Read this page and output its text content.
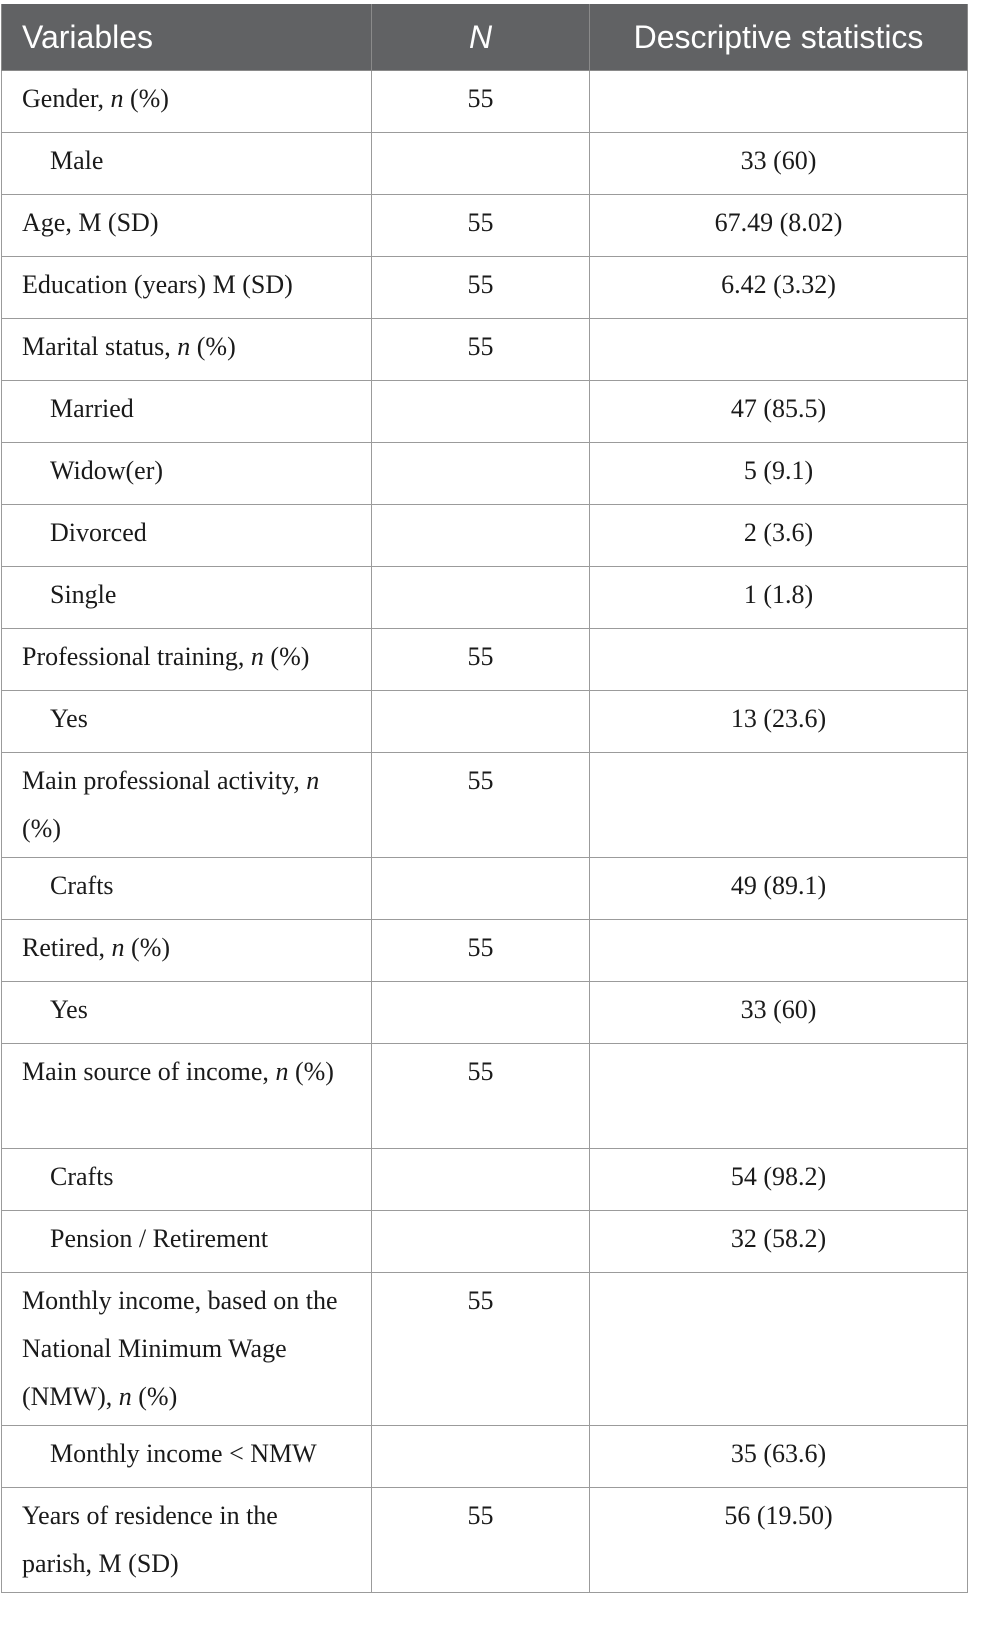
Variables	N	Descriptive statistics
Gender, n (%)	55	
Male		33 (60)
Age, M (SD)	55	67.49 (8.02)
Education (years) M (SD)	55	6.42 (3.32)
Marital status, n (%)	55	
Married		47 (85.5)
Widow(er)		5 (9.1)
Divorced		2 (3.6)
Single		1 (1.8)
Professional training, n (%)	55	
Yes		13 (23.6)
Main professional activity, n (%)	55	
Crafts		49 (89.1)
Retired, n (%)	55	
Yes		33 (60)
Main source of income, n (%)	55	
Crafts		54 (98.2)
Pension / Retirement		32 (58.2)
Monthly income, based on the National Minimum Wage (NMW), n (%)	55	
Monthly income < NMW		35 (63.6)
Years of residence in the parish, M (SD)	55	56 (19.50)
